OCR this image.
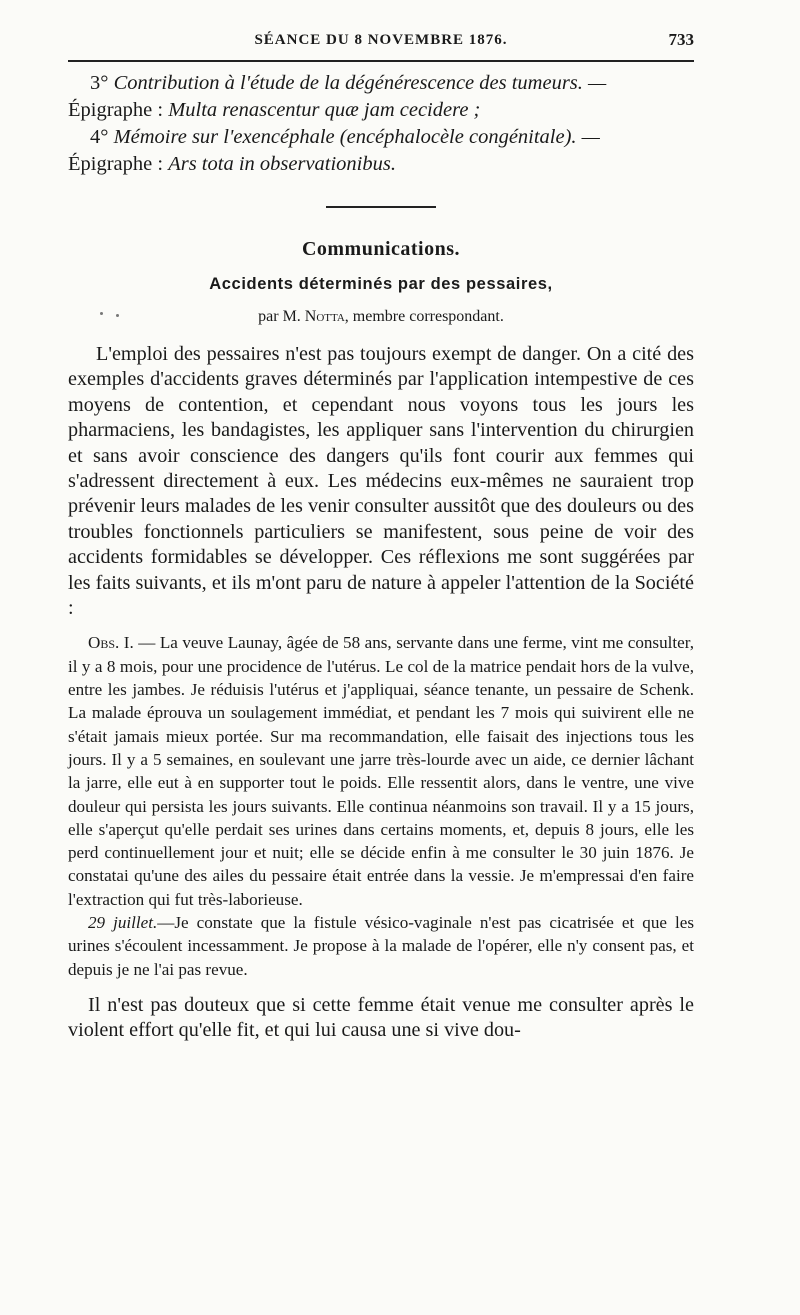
SÉANCE DU 8 NOVEMBRE 1876.	733

3° Contribution à l'étude de la dégénérescence des tumeurs. —

Épigraphe : Multa renascentur quæ jam cecidere ;

4° Mémoire sur l'exencéphale (encéphalocèle congénitale). —

Épigraphe : Ars tota in observationibus.

Communications.
Accidents déterminés par des pessaires,
par M. Notta, membre correspondant.

L'emploi des pessaires n'est pas toujours exempt de danger. On a cité des exemples d'accidents graves déterminés par l'application intempestive de ces moyens de contention, et cependant nous voyons tous les jours les pharmaciens, les bandagistes, les appliquer sans l'intervention du chirurgien et sans avoir conscience des dangers qu'ils font courir aux femmes qui s'adressent directement à eux. Les médecins eux-mêmes ne sauraient trop prévenir leurs malades de les venir consulter aussitôt que des douleurs ou des troubles fonctionnels particuliers se manifestent, sous peine de voir des accidents formidables se développer. Ces réflexions me sont suggérées par les faits suivants, et ils m'ont paru de nature à appeler l'attention de la Société :

Obs. I. — La veuve Launay, âgée de 58 ans, servante dans une ferme, vint me consulter, il y a 8 mois, pour une procidence de l'utérus. Le col de la matrice pendait hors de la vulve, entre les jambes. Je réduisis l'utérus et j'appliquai, séance tenante, un pessaire de Schenk. La malade éprouva un soulagement immédiat, et pendant les 7 mois qui suivirent elle ne s'était jamais mieux portée. Sur ma recommandation, elle faisait des injections tous les jours. Il y a 5 semaines, en soulevant une jarre très-lourde avec un aide, ce dernier lâchant la jarre, elle eut à en supporter tout le poids. Elle ressentit alors, dans le ventre, une vive douleur qui persista les jours suivants. Elle continua néanmoins son travail. Il y a 15 jours, elle s'aperçut qu'elle perdait ses urines dans certains moments, et, depuis 8 jours, elle les perd continuellement jour et nuit; elle se décide enfin à me consulter le 30 juin 1876. Je constatai qu'une des ailes du pessaire était entrée dans la vessie. Je m'empressai d'en faire l'extraction qui fut très-laborieuse.

29 juillet.—Je constate que la fistule vésico-vaginale n'est pas cicatrisée et que les urines s'écoulent incessamment. Je propose à la malade de l'opérer, elle n'y consent pas, et depuis je ne l'ai pas revue.

Il n'est pas douteux que si cette femme était venue me consulter après le violent effort qu'elle fit, et qui lui causa une si vive dou-
